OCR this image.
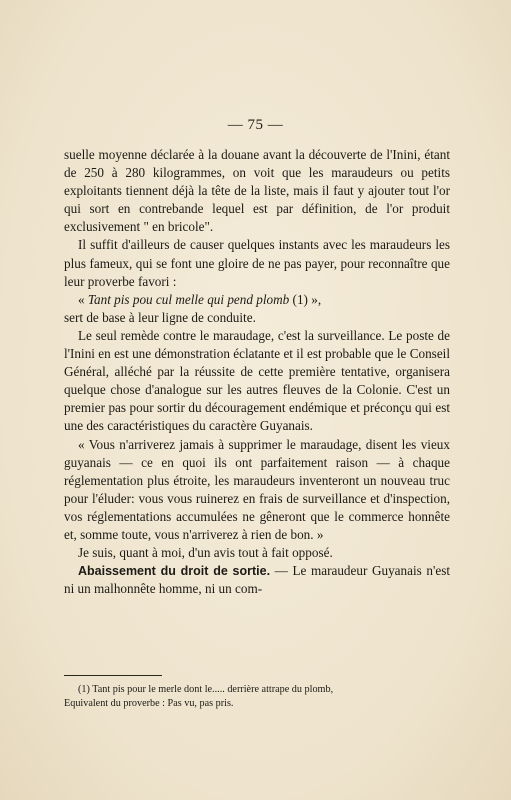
— 75 —

suelle moyenne déclarée à la douane avant la découverte de l'Inini, étant de 250 à 280 kilogrammes, on voit que les maraudeurs ou petits exploitants tiennent déjà la tête de la liste, mais il faut y ajouter tout l'or qui sort en contrebande lequel est par définition, de l'or produit exclusivement " en bricole".

Il suffit d'ailleurs de causer quelques instants avec les maraudeurs les plus fameux, qui se font une gloire de ne pas payer, pour reconnaître que leur proverbe favori :

« Tant pis pou cul melle qui pend plomb (1) »,

sert de base à leur ligne de conduite.

Le seul remède contre le maraudage, c'est la surveillance. Le poste de l'Inini en est une démonstration éclatante et il est probable que le Conseil Général, alléché par la réussite de cette première tentative, organisera quelque chose d'analogue sur les autres fleuves de la Colonie. C'est un premier pas pour sortir du découragement endémique et préconçu qui est une des caractéristiques du caractère Guyanais.

« Vous n'arriverez jamais à supprimer le maraudage, disent les vieux guyanais — ce en quoi ils ont parfaitement raison — à chaque réglementation plus étroite, les maraudeurs inventeront un nouveau truc pour l'éluder: vous vous ruinerez en frais de surveillance et d'inspection, vos réglementations accumulées ne gêneront que le commerce honnête et, somme toute, vous n'arriverez à rien de bon. »

Je suis, quant à moi, d'un avis tout à fait opposé.

Abaissement du droit de sortie. — Le maraudeur Guyanais n'est ni un malhonnête homme, ni un com-

(1) Tant pis pour le merle dont le..... derrière attrape du plomb,

Equivalent du proverbe : Pas vu, pas pris.
